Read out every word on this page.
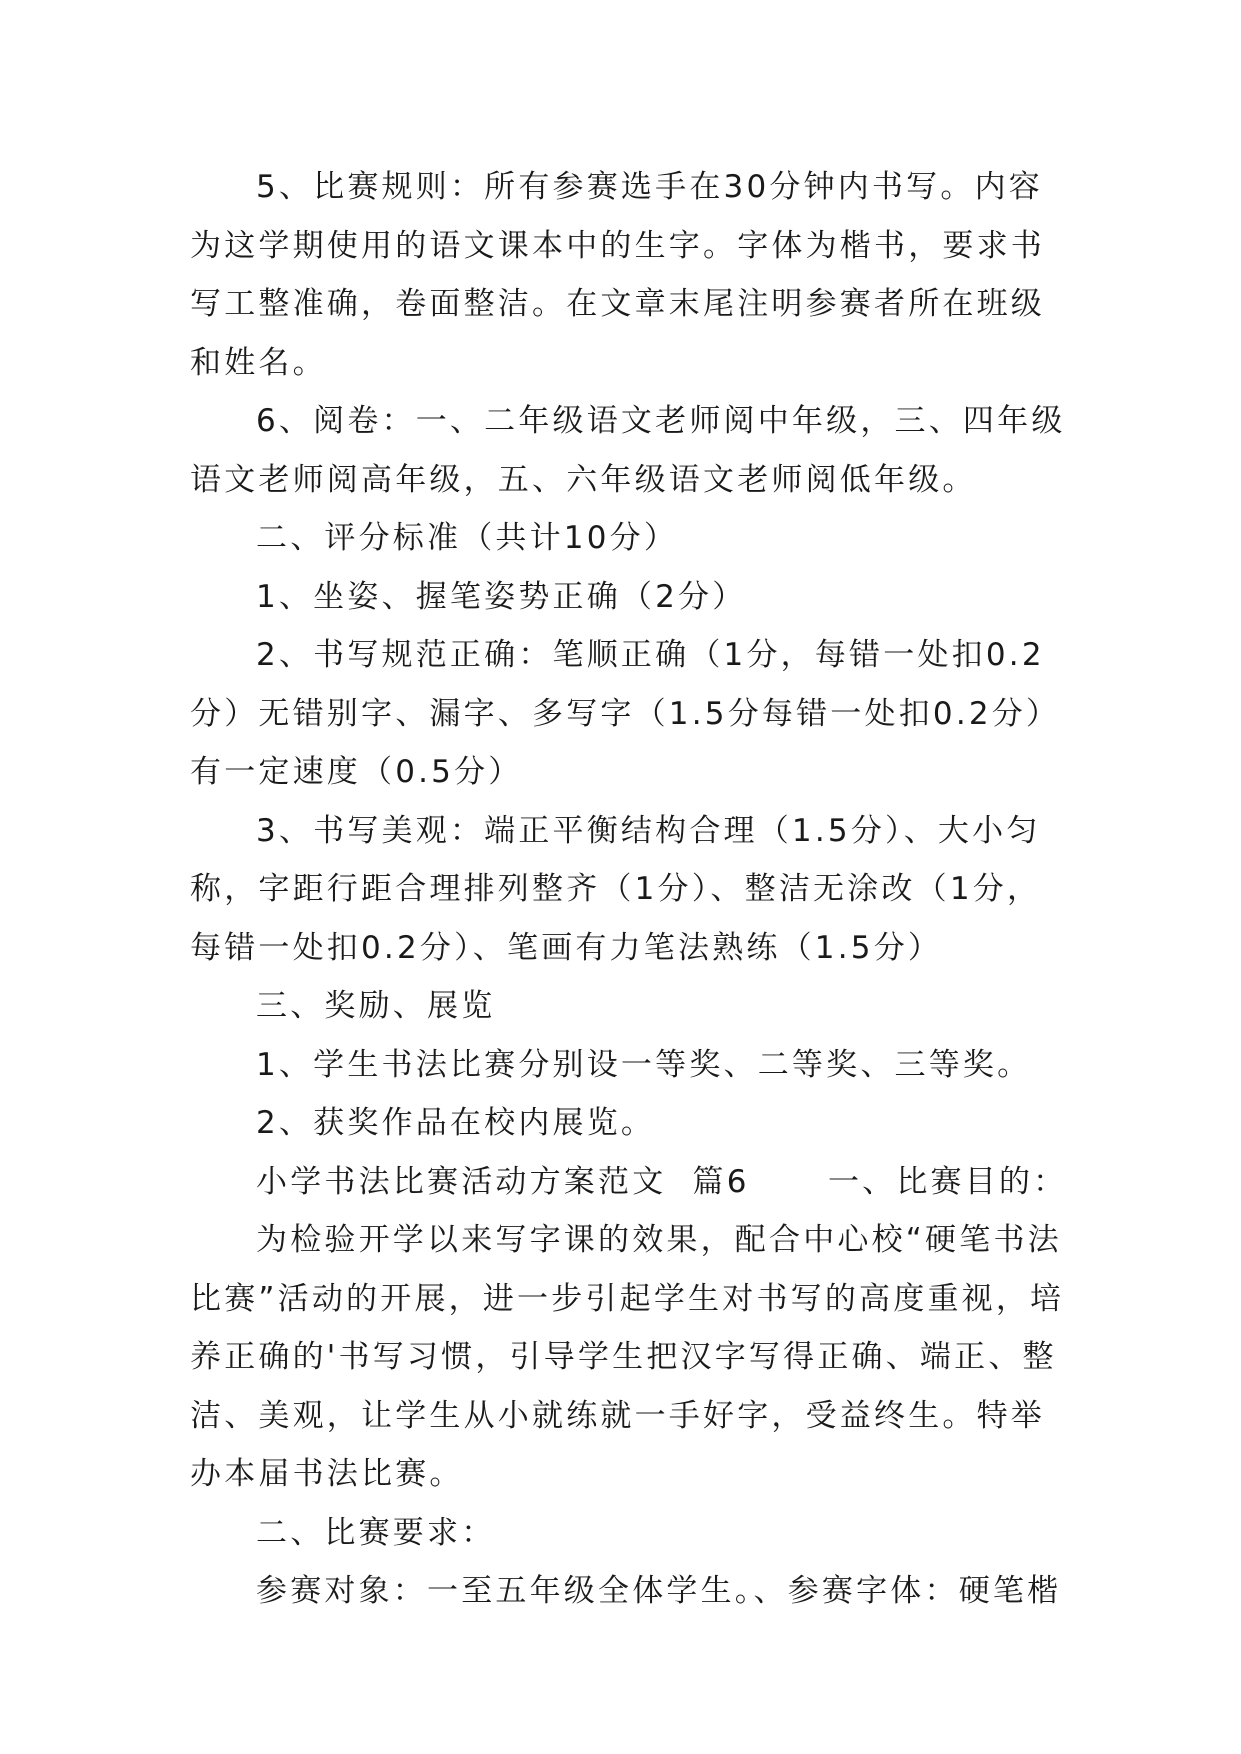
5、比赛规则：所有参赛选手在30分钟内书写。内容为这学期使用的语文课本中的生字。字体为楷书，要求书写工整准确，卷面整洁。在文章末尾注明参赛者所在班级和姓名。

6、阅卷：一、二年级语文老师阅中年级，三、四年级语文老师阅高年级，五、六年级语文老师阅低年级。

二、评分标准（共计10分）

1、坐姿、握笔姿势正确（2分）

2、书写规范正确：笔顺正确（1分，每错一处扣0.2分）无错别字、漏字、多写字（1.5分每错一处扣0.2分）有一定速度（0.5分）

3、书写美观：端正平衡结构合理（1.5分）、大小匀称，字距行距合理排列整齐（1分）、整洁无涂改（1分，每错一处扣0.2分）、笔画有力笔法熟练（1.5分）

三、奖励、展览

1、学生书法比赛分别设一等奖、二等奖、三等奖。

2、获奖作品在校内展览。

小学书法比赛活动方案范文  篇6      一、比赛目的：

为检验开学以来写字课的效果，配合中心校“硬笔书法比赛”活动的开展，进一步引起学生对书写的高度重视，培养正确的'书写习惯，引导学生把汉字写得正确、端正、整洁、美观，让学生从小就练就一手好字，受益终生。特举办本届书法比赛。

二、比赛要求：

参赛对象：一至五年级全体学生。、参赛字体：硬笔楷
